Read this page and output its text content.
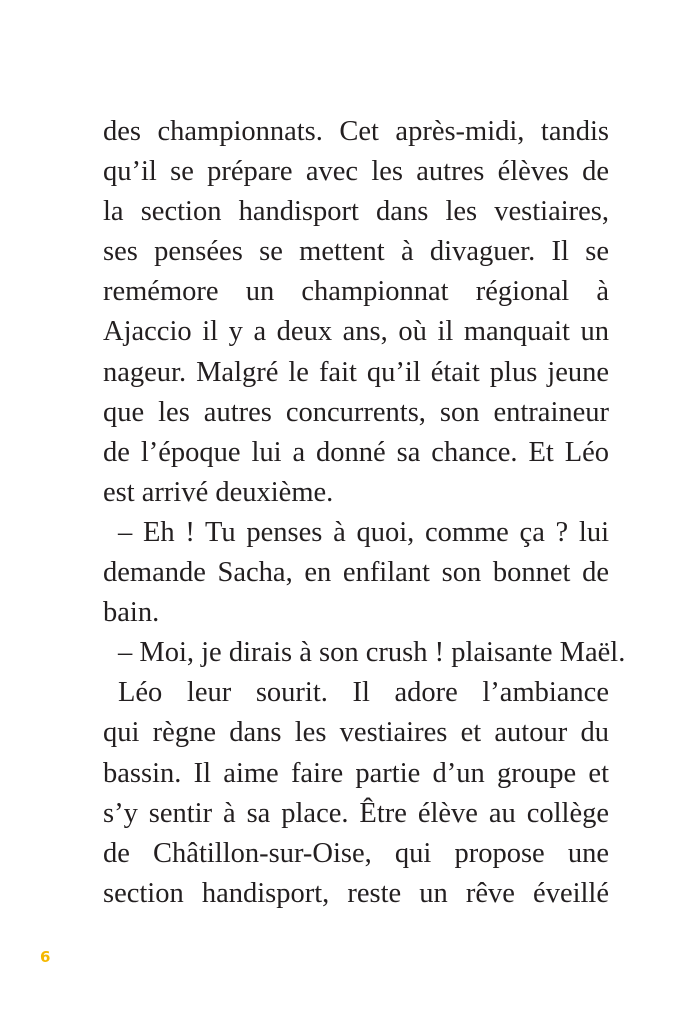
des championnats. Cet après-midi, tandis
qu’il se prépare avec les autres élèves de
la section handisport dans les vestiaires,
ses pensées se mettent à divaguer. Il se
remémore un championnat régional à
Ajaccio il y a deux ans, où il manquait un
nageur. Malgré le fait qu’il était plus jeune
que les autres concurrents, son entraineur
de l’époque lui a donné sa chance. Et Léo
est arrivé deuxième.
– Eh ! Tu penses à quoi, comme ça ? lui
demande Sacha, en enfilant son bonnet de
bain.
– Moi, je dirais à son crush ! plaisante Maël.
Léo leur sourit. Il adore l’ambiance
qui règne dans les vestiaires et autour du
bassin. Il aime faire partie d’un groupe et
s’y sentir à sa place. Être élève au collège
de Châtillon-sur-Oise, qui propose une
section handisport, reste un rêve éveillé
6
